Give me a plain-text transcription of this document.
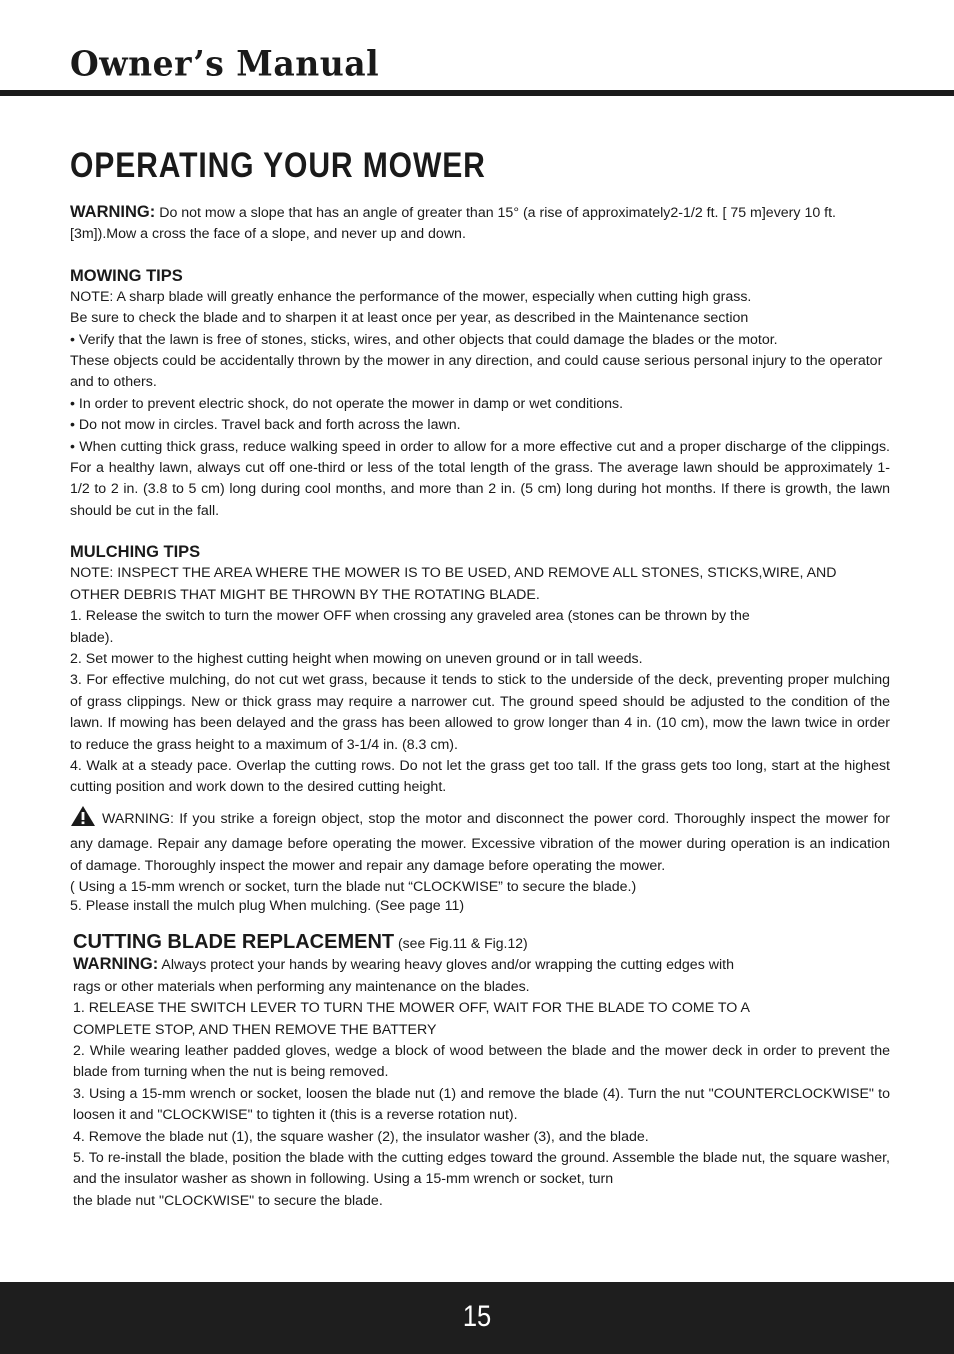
Owner’s Manual
OPERATING YOUR MOWER

WARNING: Do not mow a slope that has an angle of greater than 15° (a rise of approximately2-1/2 ft. [ 75 m]every 10 ft. [3m]).Mow a cross the face of a slope, and never up and down.

MOWING TIPS

NOTE: A sharp blade will greatly enhance the performance of the mower, especially when cutting high grass.

Be sure to check the blade and to sharpen it at least once per year, as described in the Maintenance section

• Verify that the lawn is free of stones, sticks, wires, and other objects that could damage the blades or the motor.

These objects could be accidentally thrown by the mower in any direction, and could cause serious personal injury to the operator and to others.

• In order to prevent electric shock, do not operate the mower in damp or wet conditions.

• Do not mow in circles. Travel back and forth across the lawn.

• When cutting thick grass, reduce walking speed in order to allow for a more effective cut and a proper discharge of the clippings. For a healthy lawn, always cut off one-third or less of the total length of the grass. The average lawn should be approximately 1-1/2 to 2 in. (3.8 to 5 cm) long during cool months, and more than 2 in. (5 cm) long during hot months. If there is growth, the lawn should be cut in the fall.

MULCHING TIPS

NOTE: INSPECT THE AREA WHERE THE MOWER IS TO BE USED, AND REMOVE ALL STONES, STICKS,WIRE, AND OTHER DEBRIS THAT MIGHT BE THROWN BY THE ROTATING BLADE.

1. Release the switch to turn the mower OFF when crossing any graveled area (stones can be thrown by the

blade).

2. Set mower to the highest cutting height when mowing on uneven ground or in tall weeds.

3. For effective mulching, do not cut wet grass, because it tends to stick to the underside of the deck, preventing proper mulching of grass clippings. New or thick grass may require a narrower cut. The ground speed should be adjusted to the condition of the lawn. If mowing has been delayed and the grass has been allowed to grow longer than 4 in. (10 cm), mow the lawn twice in order to reduce the grass height to a maximum of 3-1/4 in. (8.3 cm).

4. Walk at a steady pace. Overlap the cutting rows. Do not let the grass get too tall. If the grass gets too long, start at the highest cutting position and work down to the desired cutting height.

WARNING: If you strike a foreign object, stop the motor and disconnect the power cord. Thoroughly inspect the mower for any damage. Repair any damage before operating the mower. Excessive vibration of the mower during operation is an indication of damage. Thoroughly inspect the mower and repair any damage before operating the mower.

( Using a 15-mm wrench or socket, turn the blade nut “CLOCKWISE” to secure the blade.)

5. Please install the mulch plug When mulching. (See page 11)

CUTTING BLADE REPLACEMENT (see Fig.11 & Fig.12)

WARNING: Always protect your hands by wearing heavy gloves and/or wrapping the cutting edges with

rags or other materials when performing any maintenance on the blades.

1. RELEASE THE SWITCH LEVER TO TURN THE MOWER OFF, WAIT FOR THE BLADE TO COME TO A

COMPLETE STOP, AND THEN REMOVE THE BATTERY

2. While wearing leather padded gloves, wedge a block of wood between the blade and the mower deck in order to prevent the blade from turning when the nut is being removed.

3. Using a 15-mm wrench or socket, loosen the blade nut (1) and remove the blade (4). Turn the nut "COUNTERCLOCKWISE" to loosen it and "CLOCKWISE" to tighten it (this is a reverse rotation nut).

4. Remove the blade nut (1), the square washer (2), the insulator washer (3), and the blade.

5. To re-install the blade, position the blade with the cutting edges toward the ground. Assemble the blade nut, the square washer, and the insulator washer as shown in following. Using a 15-mm wrench or socket, turn

the blade nut "CLOCKWISE" to secure the blade.

15
